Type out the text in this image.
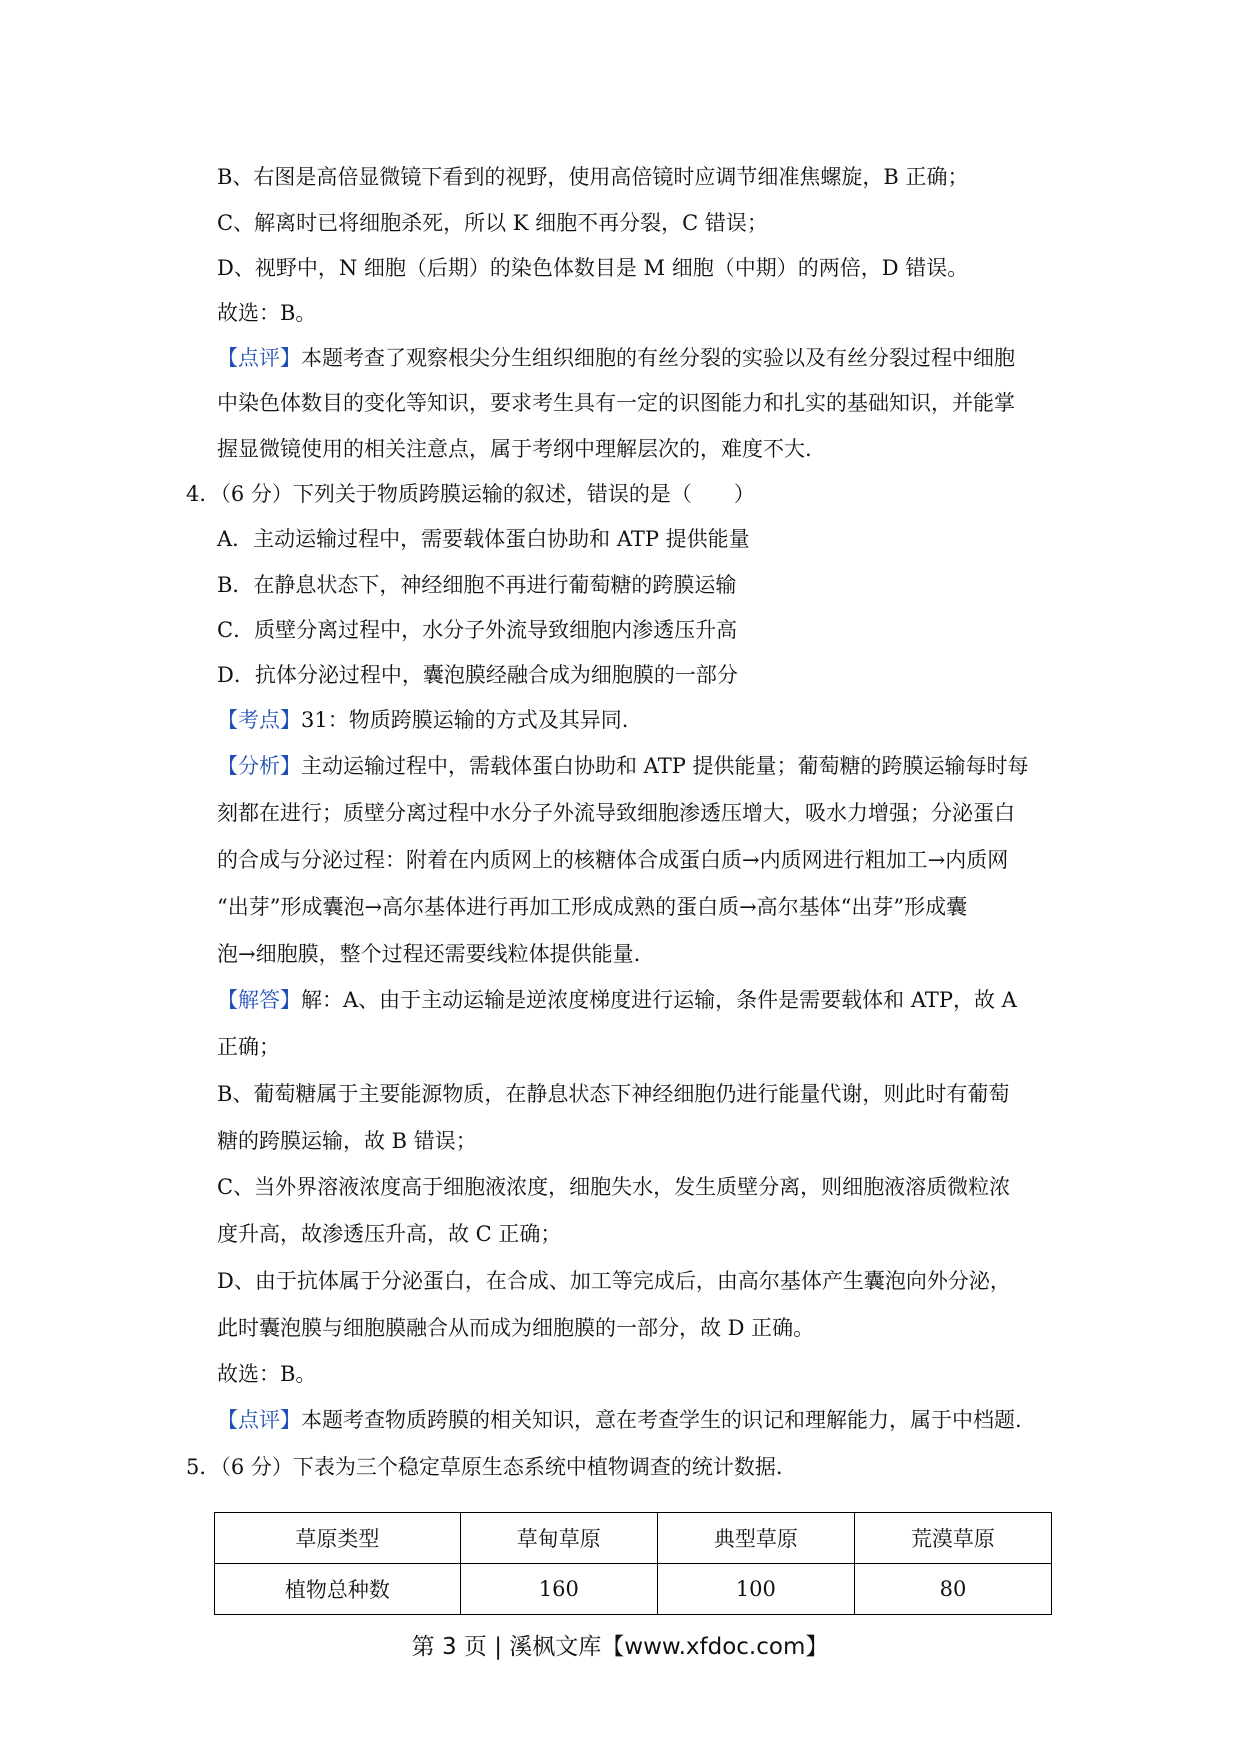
B、右图是高倍显微镜下看到的视野，使用高倍镜时应调节细准焦螺旋，B 正确；
C、解离时已将细胞杀死，所以 K 细胞不再分裂，C 错误；
D、视野中，N 细胞（后期）的染色体数目是 M 细胞（中期）的两倍，D 错误。
故选：B。
【点评】本题考查了观察根尖分生组织细胞的有丝分裂的实验以及有丝分裂过程中细胞
中染色体数目的变化等知识，要求考生具有一定的识图能力和扎实的基础知识，并能掌
握显微镜使用的相关注意点，属于考纲中理解层次的，难度不大.
4．（6 分）下列关于物质跨膜运输的叙述，错误的是（　　）
A．主动运输过程中，需要载体蛋白协助和 ATP 提供能量
B．在静息状态下，神经细胞不再进行葡萄糖的跨膜运输
C．质壁分离过程中，水分子外流导致细胞内渗透压升高
D．抗体分泌过程中，囊泡膜经融合成为细胞膜的一部分
【考点】31：物质跨膜运输的方式及其异同.
【分析】主动运输过程中，需载体蛋白协助和 ATP 提供能量；葡萄糖的跨膜运输每时每
刻都在进行；质壁分离过程中水分子外流导致细胞渗透压增大，吸水力增强；分泌蛋白
的合成与分泌过程：附着在内质网上的核糖体合成蛋白质→内质网进行粗加工→内质网
“出芽”形成囊泡→高尔基体进行再加工形成成熟的蛋白质→高尔基体“出芽”形成囊
泡→细胞膜，整个过程还需要线粒体提供能量.
【解答】解：A、由于主动运输是逆浓度梯度进行运输，条件是需要载体和 ATP，故 A
正确；
B、葡萄糖属于主要能源物质，在静息状态下神经细胞仍进行能量代谢，则此时有葡萄
糖的跨膜运输，故 B 错误；
C、当外界溶液浓度高于细胞液浓度，细胞失水，发生质壁分离，则细胞液溶质微粒浓
度升高，故渗透压升高，故 C 正确；
D、由于抗体属于分泌蛋白，在合成、加工等完成后，由高尔基体产生囊泡向外分泌，
此时囊泡膜与细胞膜融合从而成为细胞膜的一部分，故 D 正确。
故选：B。
【点评】本题考查物质跨膜的相关知识，意在考查学生的识记和理解能力，属于中档题.
5．（6 分）下表为三个稳定草原生态系统中植物调查的统计数据.
草原类型	草甸草原	典型草原	荒漠草原
植物总种数	160	100	80
第 3 页 | 溪枫文库【www.xfdoc.com】
